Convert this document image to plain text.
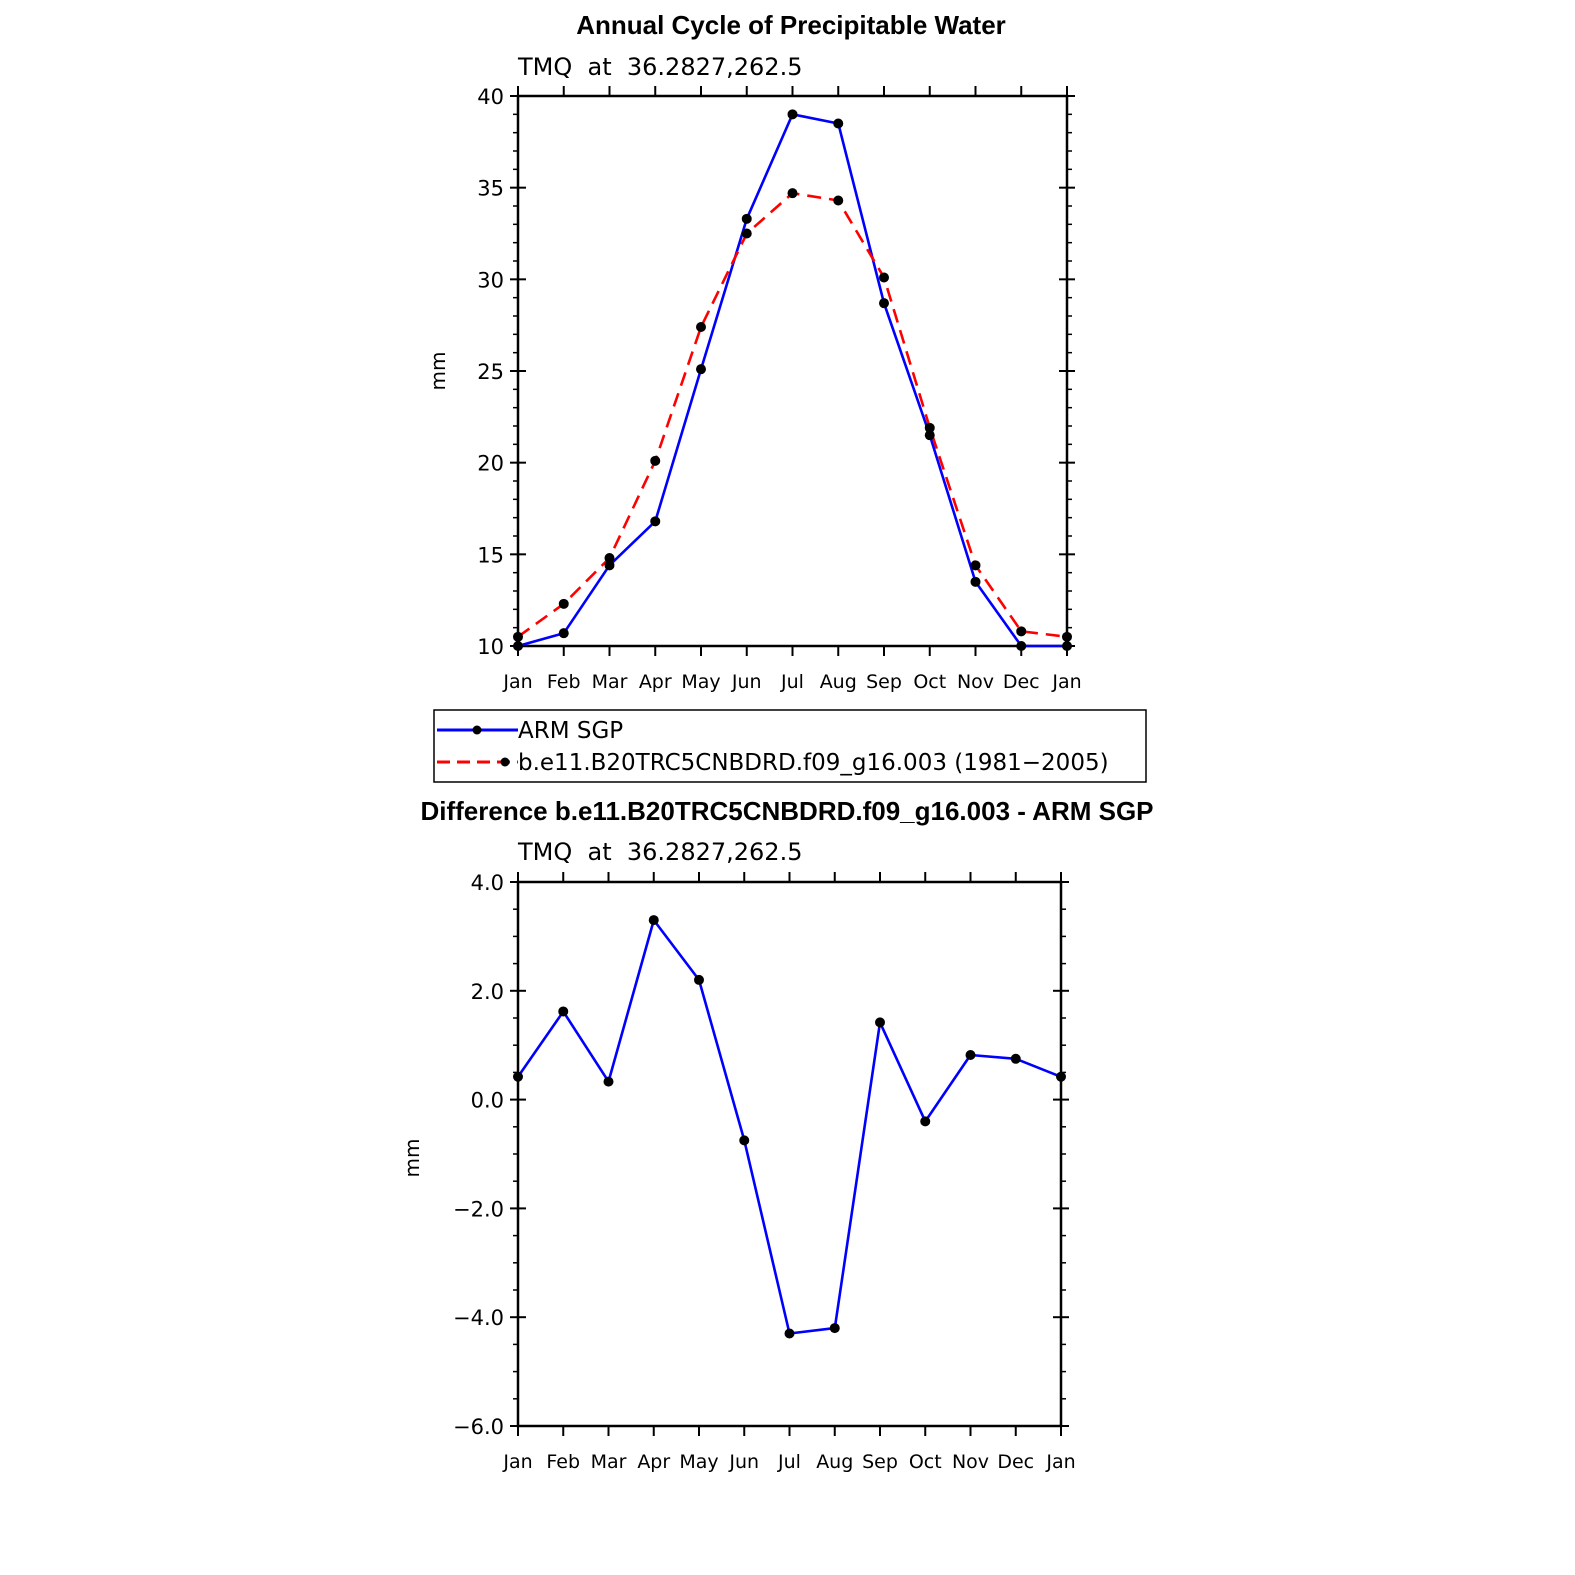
Annual Cycle of Precipitable Water
TMQ  at  36.2827,262.5
mm
10
15
20
25
30
35
40
Jan Feb Mar Apr May Jun Jul Aug Sep Oct Nov Dec Jan
ARM SGP
b.e11.B20TRC5CNBDRD.f09_g16.003 (1981−2005)
Difference b.e11.B20TRC5CNBDRD.f09_g16.003 - ARM SGP
TMQ  at  36.2827,262.5
mm
−6.0
−4.0
−2.0
0.0
2.0
4.0
Jan Feb Mar Apr May Jun Jul Aug Sep Oct Nov Dec Jan
